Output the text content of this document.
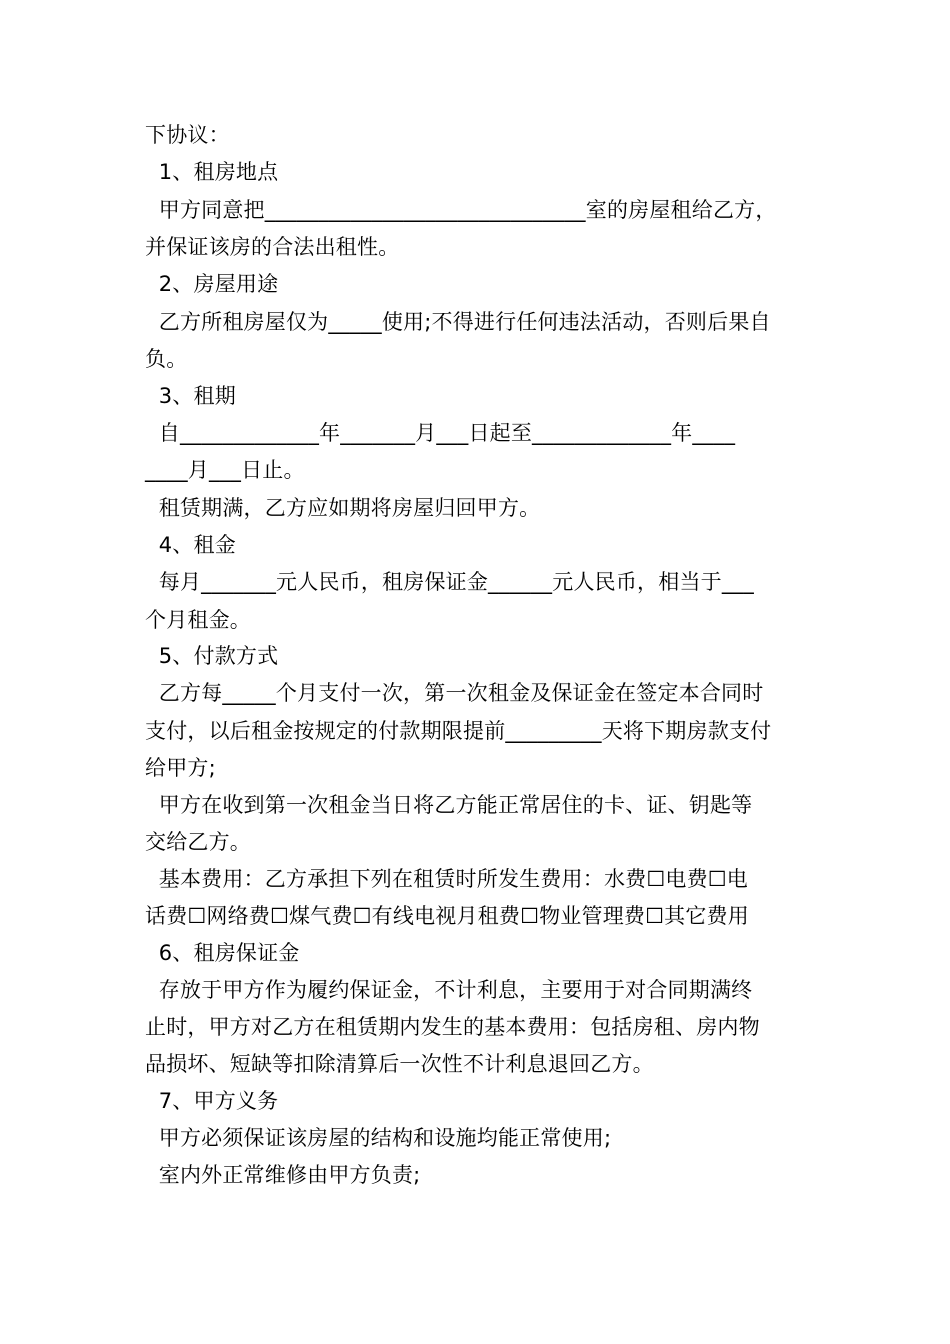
下协议：
1、租房地点
甲方同意把______________________________室的房屋租给乙方，
并保证该房的合法出租性。
2、房屋用途
乙方所租房屋仅为_____使用;不得进行任何违法活动，否则后果自
负。
3、租期
自_____________年_______月___日起至_____________年____
____月___日止。
租赁期满，乙方应如期将房屋归回甲方。
4、租金
每月_______元人民币，租房保证金______元人民币，相当于___
个月租金。
5、付款方式
乙方每_____个月支付一次，第一次租金及保证金在签定本合同时
支付，以后租金按规定的付款期限提前_________天将下期房款支付
给甲方;
甲方在收到第一次租金当日将乙方能正常居住的卡、证、钥匙等
交给乙方。
基本费用：乙方承担下列在租赁时所发生费用：水费☐电费☐电
话费☐网络费☐煤气费☐有线电视月租费☐物业管理费☐其它费用
6、租房保证金
存放于甲方作为履约保证金，不计利息，主要用于对合同期满终
止时，甲方对乙方在租赁期内发生的基本费用：包括房租、房内物
品损坏、短缺等扣除清算后一次性不计利息退回乙方。
7、甲方义务
甲方必须保证该房屋的结构和设施均能正常使用;
室内外正常维修由甲方负责;
